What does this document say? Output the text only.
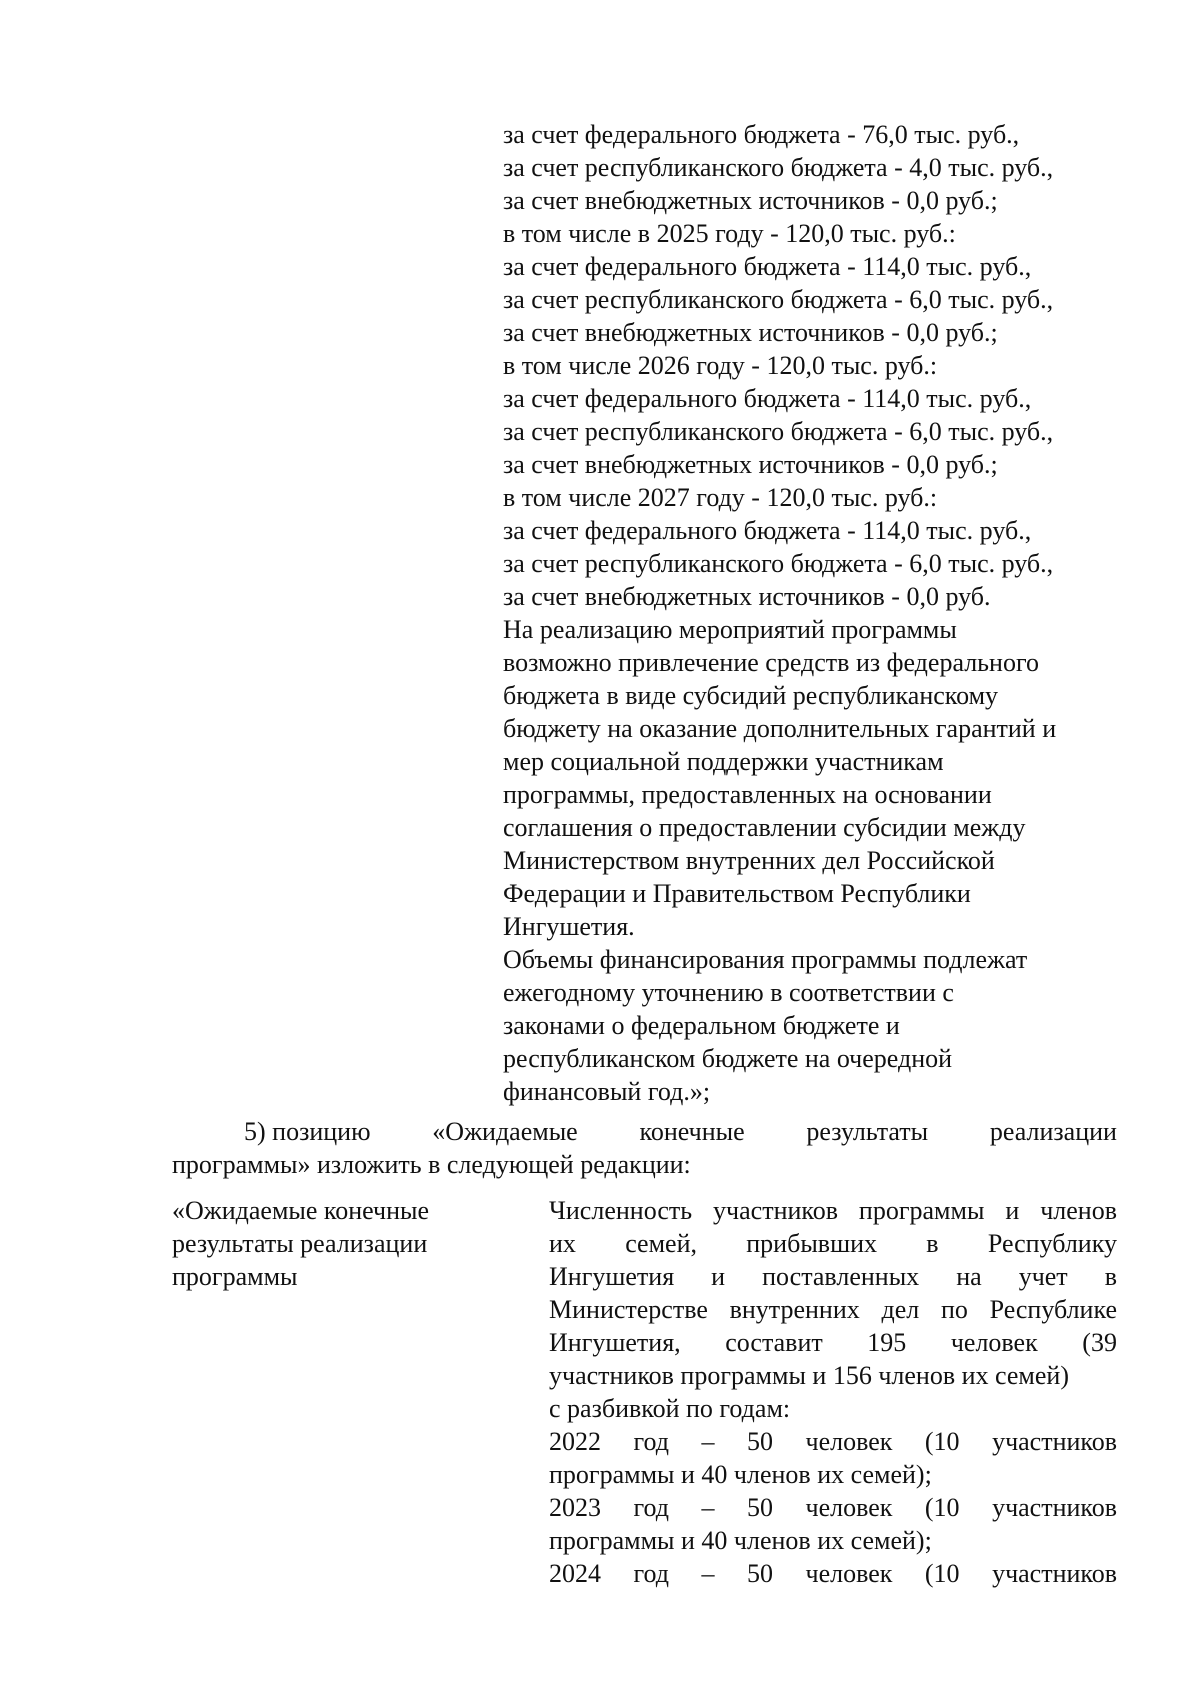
за счет федерального бюджета - 76,0 тыс. руб.,
за счет республиканского бюджета - 4,0 тыс. руб.,
за счет внебюджетных источников - 0,0 руб.;
в том числе в 2025 году - 120,0 тыс. руб.:
за счет федерального бюджета - 114,0 тыс. руб.,
за счет республиканского бюджета - 6,0 тыс. руб.,
за счет внебюджетных источников - 0,0 руб.;
в том числе 2026 году - 120,0 тыс. руб.:
за счет федерального бюджета - 114,0 тыс. руб.,
за счет республиканского бюджета - 6,0 тыс. руб.,
за счет внебюджетных источников - 0,0 руб.;
в том числе 2027 году - 120,0 тыс. руб.:
за счет федерального бюджета - 114,0 тыс. руб.,
за счет республиканского бюджета - 6,0 тыс. руб.,
за счет внебюджетных источников - 0,0 руб.
На реализацию мероприятий программы
возможно привлечение средств из федерального
бюджета в виде субсидий республиканскому
бюджету на оказание дополнительных гарантий и
мер социальной поддержки участникам
программы, предоставленных на основании
соглашения о предоставлении субсидии между
Министерством внутренних дел Российской
Федерации и Правительством Республики
Ингушетия.
Объемы финансирования программы подлежат
ежегодному уточнению в соответствии с
законами о федеральном бюджете и
республиканском бюджете на очередной
финансовый год.»;
5) позицию «Ожидаемые конечные результаты реализации
программы» изложить в следующей редакции:
«Ожидаемые конечные
результаты реализации
программы
Численность участников программы и членов
их семей, прибывших в Республику
Ингушетия и поставленных на учет в
Министерстве внутренних дел по Республике
Ингушетия, составит 195 человек (39
участников программы и 156 членов их семей)
с разбивкой по годам:
2022 год – 50 человек (10 участников
программы и 40 членов их семей);
2023 год – 50 человек (10 участников
программы и 40 членов их семей);
2024 год – 50 человек (10 участников
